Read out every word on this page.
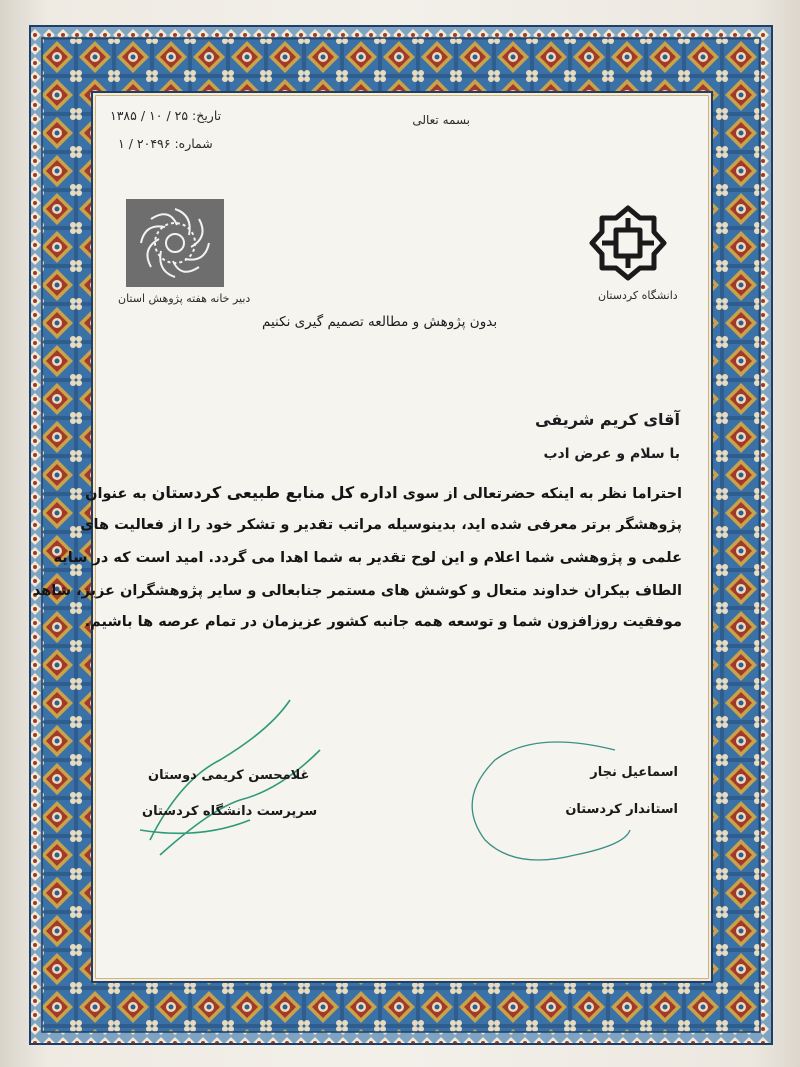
بسمه تعالی
تاریخ: ۲۵ / ۱۰ / ۱۳۸۵
شماره: ۲۰۴۹۶ / ۱
دبیر خانه هفته پژوهش استان	دانشگاه کردستان
بدون پژوهش و مطالعه تصمیم گیری نکنیم
آقای کریم شریفی
با سلام و عرض ادب
احتراما نظر به اینکه حضرتعالی از سوی اداره کل منابع طبیعی کردستان به عنوان
پژوهشگر برتر معرفی شده اید، بدینوسیله مراتب تقدیر و تشکر خود را از فعالیت های
علمی و پژوهشی شما اعلام و این لوح تقدیر به شما اهدا می گردد. امید است که در سایه
الطاف بیکران خداوند متعال و کوشش های مستمر جنابعالی و سایر پژوهشگران عزیز، شاهد
موفقیت روزافزون شما و توسعه همه جانبه کشور عزیزمان در تمام عرصه ها باشیم.
اسماعیل نجار
استاندار کردستان
غلامحسن کریمی دوستان
سرپرست دانشگاه کردستان
